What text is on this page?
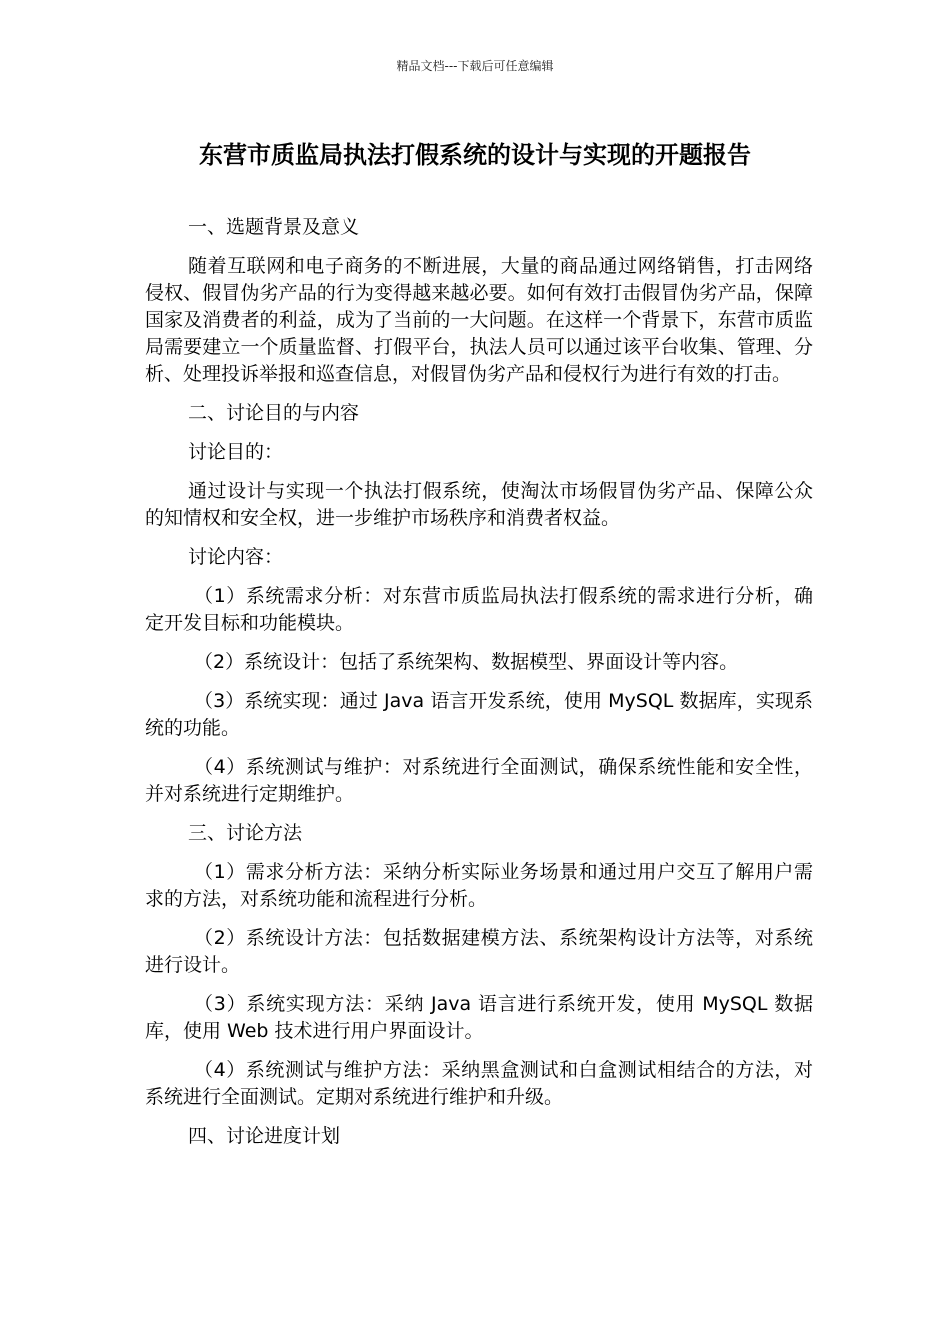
精品文档---下载后可任意编辑
东营市质监局执法打假系统的设计与实现的开题报告

一、选题背景及意义

随着互联网和电子商务的不断进展，大量的商品通过网络销售，打击网络侵权、假冒伪劣产品的行为变得越来越必要。如何有效打击假冒伪劣产品，保障国家及消费者的利益，成为了当前的一大问题。在这样一个背景下，东营市质监局需要建立一个质量监督、打假平台，执法人员可以通过该平台收集、管理、分析、处理投诉举报和巡查信息，对假冒伪劣产品和侵权行为进行有效的打击。

二、讨论目的与内容

讨论目的：

通过设计与实现一个执法打假系统，使淘汰市场假冒伪劣产品、保障公众的知情权和安全权，进一步维护市场秩序和消费者权益。

讨论内容：

（1）系统需求分析：对东营市质监局执法打假系统的需求进行分析，确定开发目标和功能模块。

（2）系统设计：包括了系统架构、数据模型、界面设计等内容。

（3）系统实现：通过 Java 语言开发系统，使用 MySQL 数据库，实现系统的功能。

（4）系统测试与维护：对系统进行全面测试，确保系统性能和安全性，并对系统进行定期维护。

三、讨论方法

（1）需求分析方法：采纳分析实际业务场景和通过用户交互了解用户需求的方法，对系统功能和流程进行分析。

（2）系统设计方法：包括数据建模方法、系统架构设计方法等，对系统进行设计。

（3）系统实现方法：采纳 Java 语言进行系统开发，使用 MySQL 数据库，使用 Web 技术进行用户界面设计。

（4）系统测试与维护方法：采纳黑盒测试和白盒测试相结合的方法，对系统进行全面测试。定期对系统进行维护和升级。

四、讨论进度计划
